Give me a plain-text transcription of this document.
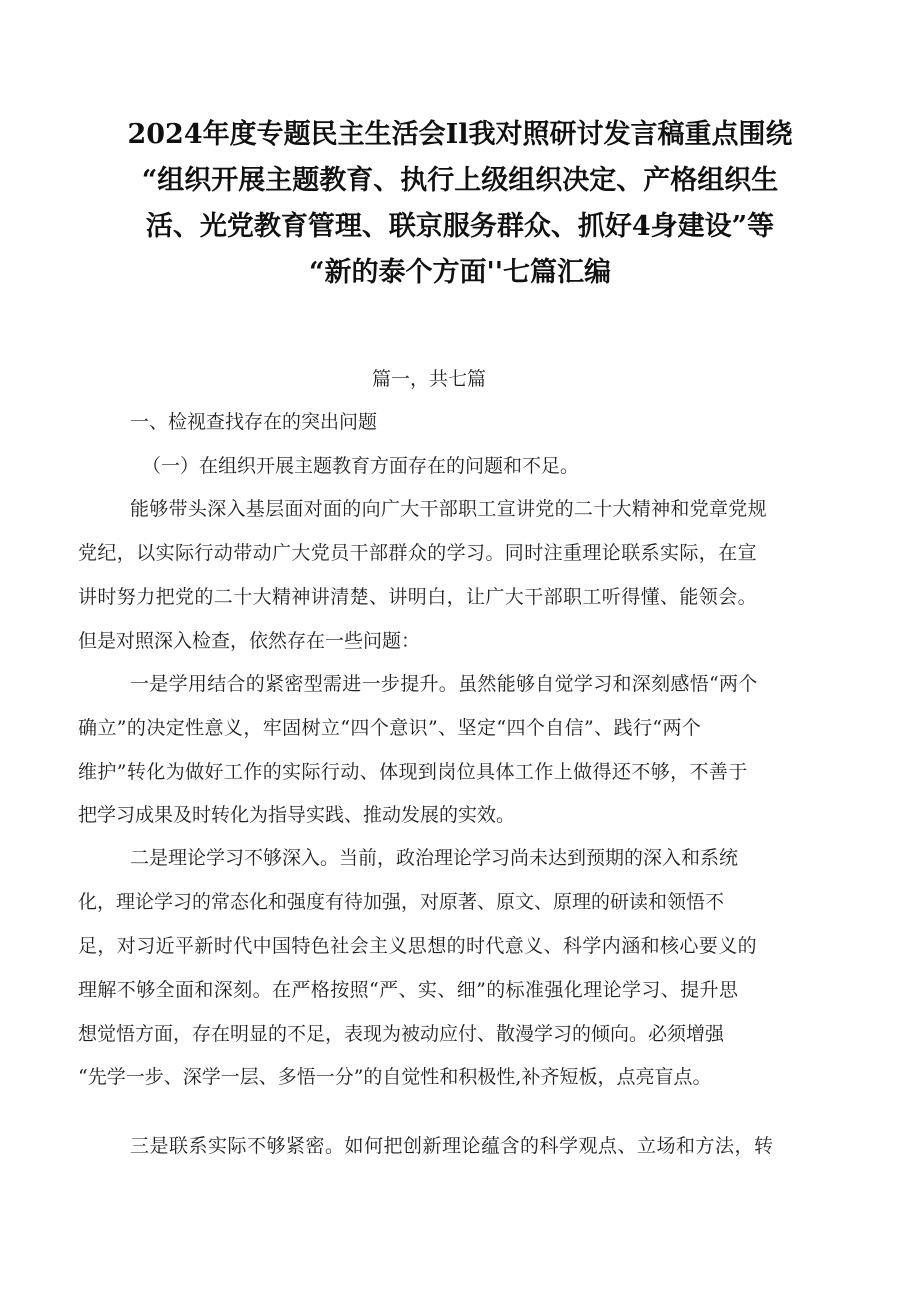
2024年度专题民主生活会Il我对照研讨发言稿重点围绕
“组织开展主题教育、执行上级组织决定、产格组织生
活、光党教育管理、联京服务群众、抓好4身建设”等
“新的泰个方面''七篇汇编

篇一，共七篇

一、检视查找存在的突出问题

（一）在组织开展主题教育方面存在的问题和不足。

能够带头深入基层面对面的向广大干部职工宣讲党的二十大精神和党章党规

党纪，以实际行动带动广大党员干部群众的学习。同时注重理论联系实际，在宣

讲时努力把党的二十大精神讲清楚、讲明白，让广大干部职工听得懂、能领会。

但是对照深入检查，依然存在一些问题：

一是学用结合的紧密型需进一步提升。虽然能够自觉学习和深刻感悟“两个

确立”的决定性意义，牢固树立“四个意识”、坚定“四个自信”、践行“两个

维护”转化为做好工作的实际行动、体现到岗位具体工作上做得还不够，不善于

把学习成果及时转化为指导实践、推动发展的实效。

二是理论学习不够深入。当前，政治理论学习尚未达到预期的深入和系统

化，理论学习的常态化和强度有待加强，对原著、原文、原理的研读和领悟不

足，对习近平新时代中国特色社会主义思想的时代意义、科学内涵和核心要义的

理解不够全面和深刻。在严格按照“严、实、细”的标准强化理论学习、提升思

想觉悟方面，存在明显的不足，表现为被动应付、散漫学习的倾向。必须增强

“先学一步、深学一层、多悟一分”的自觉性和积极性,补齐短板，点亮盲点。

三是联系实际不够紧密。如何把创新理论蕴含的科学观点、立场和方法，转
